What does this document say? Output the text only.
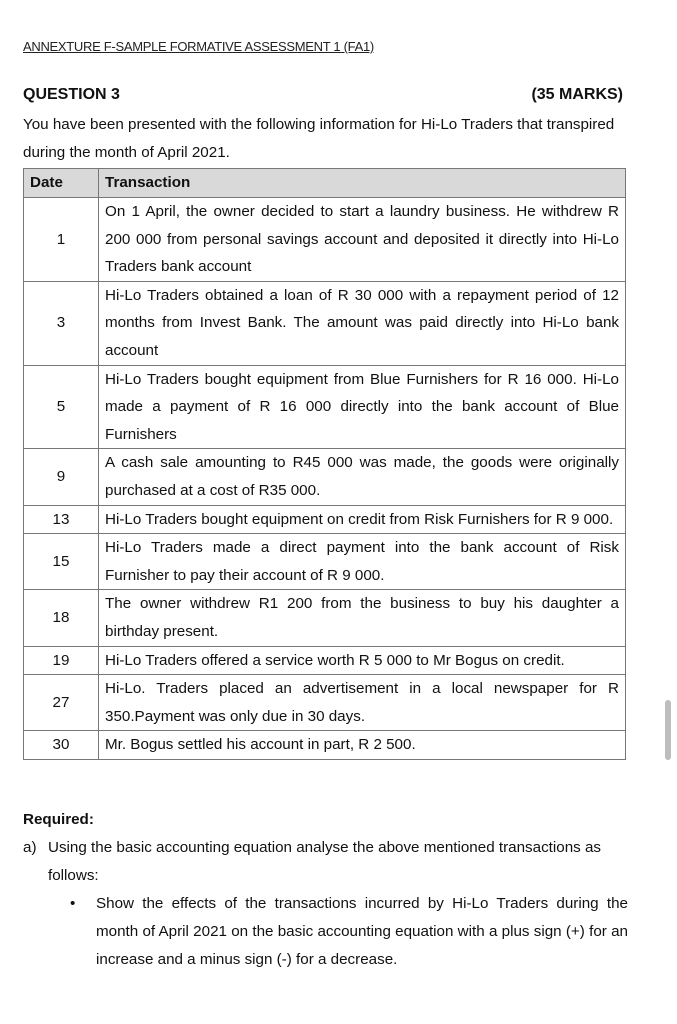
ANNEXTURE F-SAMPLE FORMATIVE ASSESSMENT 1 (FA1)
QUESTION 3	(35 MARKS)
You have been presented with the following information for Hi-Lo Traders that transpired during the month of April 2021.
Date	Transaction
1	On 1 April, the owner decided to start a laundry business. He withdrew R 200 000 from personal savings account and deposited it directly into Hi-Lo Traders bank account
3	Hi-Lo Traders obtained a loan of R 30 000 with a repayment period of 12 months from Invest Bank. The amount was paid directly into Hi-Lo bank account
5	Hi-Lo Traders bought equipment from Blue Furnishers for R 16 000. Hi-Lo made a payment of R 16 000 directly into the bank account of Blue Furnishers
9	A cash sale amounting to R45 000 was made, the goods were originally purchased at a cost of R35 000.
13	Hi-Lo Traders bought equipment on credit from Risk Furnishers for R 9 000.
15	Hi-Lo Traders made a direct payment into the bank account of Risk Furnisher to pay their account of R 9 000.
18	The owner withdrew R1 200 from the business to buy his daughter a birthday present.
19	Hi-Lo Traders offered a service worth R 5 000 to Mr Bogus on credit.
27	Hi-Lo. Traders placed an advertisement in a local newspaper for R 350.Payment was only due in 30 days.
30	Mr. Bogus settled his account in part, R 2 500.
Required:
a) Using the basic accounting equation analyse the above mentioned transactions as follows:
• Show the effects of the transactions incurred by Hi-Lo Traders during the month of April 2021 on the basic accounting equation with a plus sign (+) for an increase and a minus sign (-) for a decrease.
